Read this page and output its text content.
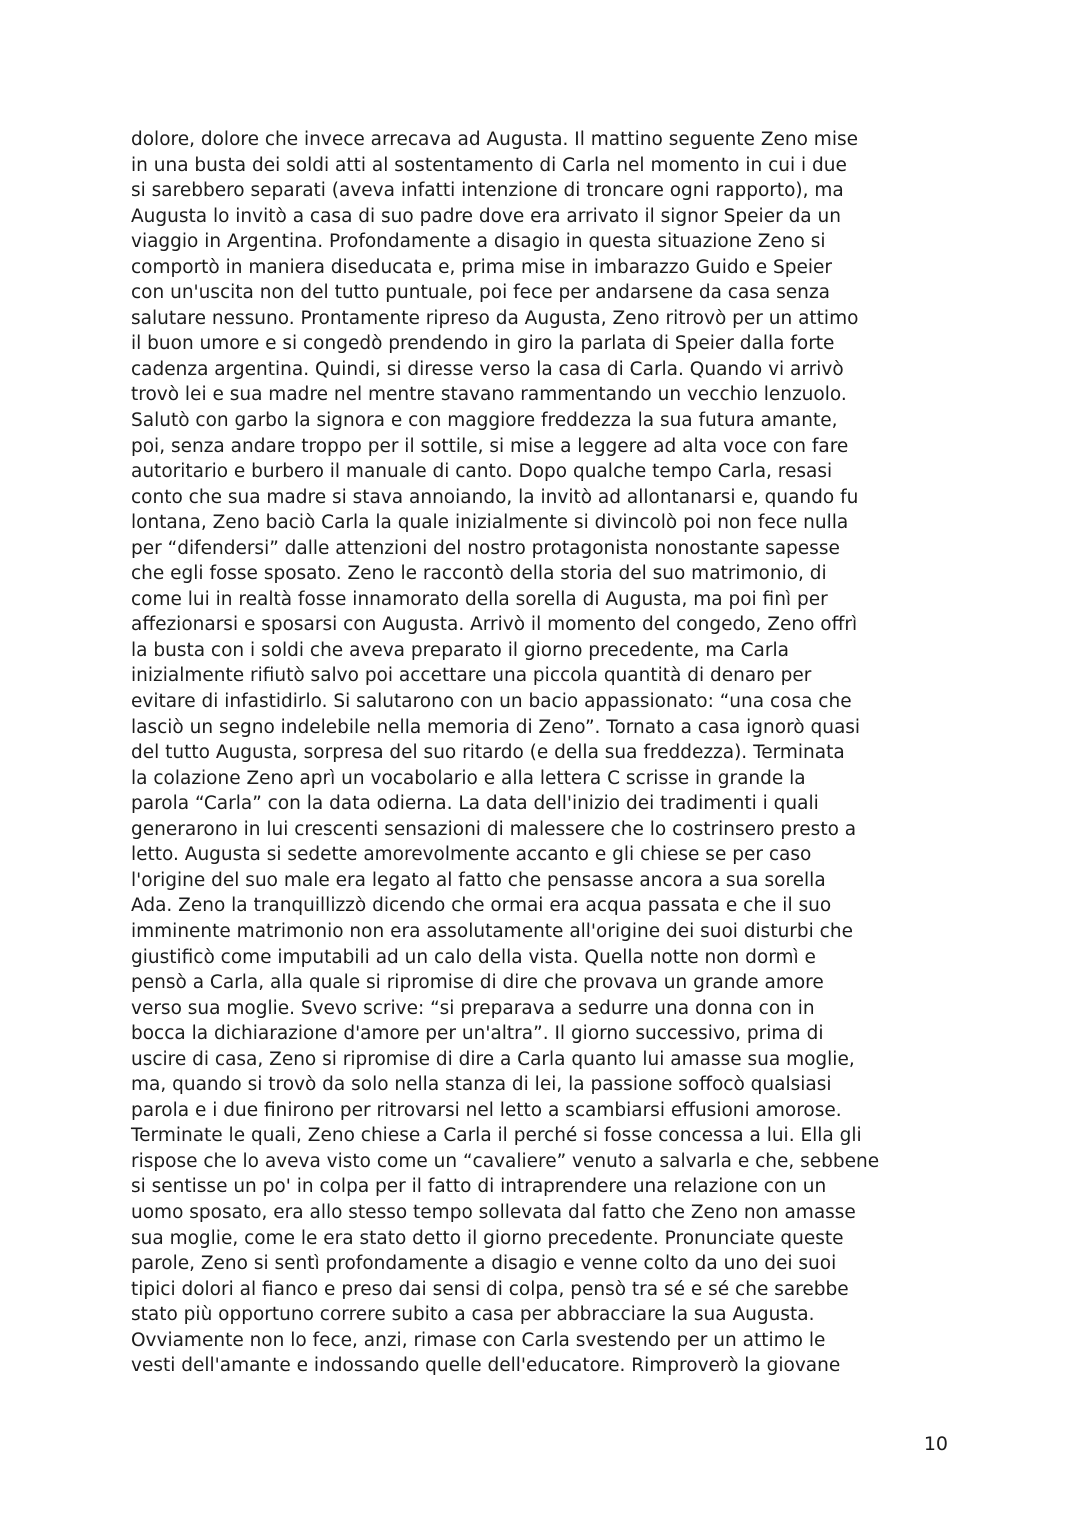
dolore, dolore che invece arrecava ad Augusta. Il mattino seguente Zeno mise
in una busta dei soldi atti al sostentamento di Carla nel momento in cui i due
si sarebbero separati (aveva infatti intenzione di troncare ogni rapporto), ma
Augusta lo invitò a casa di suo padre dove era arrivato il signor Speier da un
viaggio in Argentina. Profondamente a disagio in questa situazione Zeno si
comportò in maniera diseducata e, prima mise in imbarazzo Guido e Speier
con un'uscita non del tutto puntuale, poi fece per andarsene da casa senza
salutare nessuno. Prontamente ripreso da Augusta, Zeno ritrovò per un attimo
il buon umore e si congedò prendendo in giro la parlata di Speier dalla forte
cadenza argentina. Quindi, si diresse verso la casa di Carla. Quando vi arrivò
trovò lei e sua madre nel mentre stavano rammentando un vecchio lenzuolo.
Salutò con garbo la signora e con maggiore freddezza la sua futura amante,
poi, senza andare troppo per il sottile, si mise a leggere ad alta voce con fare
autoritario e burbero il manuale di canto. Dopo qualche tempo Carla, resasi
conto che sua madre si stava annoiando, la invitò ad allontanarsi e, quando fu
lontana, Zeno baciò Carla la quale inizialmente si divincolò poi non fece nulla
per “difendersi” dalle attenzioni del nostro protagonista nonostante sapesse
che egli fosse sposato. Zeno le raccontò della storia del suo matrimonio, di
come lui in realtà fosse innamorato della sorella di Augusta, ma poi finì per
affezionarsi e sposarsi con Augusta. Arrivò il momento del congedo, Zeno offrì
la busta con i soldi che aveva preparato il giorno precedente, ma Carla
inizialmente rifiutò salvo poi accettare una piccola quantità di denaro per
evitare di infastidirlo. Si salutarono con un bacio appassionato: “una cosa che
lasciò un segno indelebile nella memoria di Zeno”. Tornato a casa ignorò quasi
del tutto Augusta, sorpresa del suo ritardo (e della sua freddezza). Terminata
la colazione Zeno aprì un vocabolario e alla lettera C scrisse in grande la
parola “Carla” con la data odierna. La data dell'inizio dei tradimenti i quali
generarono in lui crescenti sensazioni di malessere che lo costrinsero presto a
letto. Augusta si sedette amorevolmente accanto e gli chiese se per caso
l'origine del suo male era legato al fatto che pensasse ancora a sua sorella
Ada. Zeno la tranquillizzò dicendo che ormai era acqua passata e che il suo
imminente matrimonio non era assolutamente all'origine dei suoi disturbi che
giustificò come imputabili ad un calo della vista. Quella notte non dormì e
pensò a Carla, alla quale si ripromise di dire che provava un grande amore
verso sua moglie. Svevo scrive: “si preparava a sedurre una donna con in
bocca la dichiarazione d'amore per un'altra”. Il giorno successivo, prima di
uscire di casa, Zeno si ripromise di dire a Carla quanto lui amasse sua moglie,
ma, quando si trovò da solo nella stanza di lei, la passione soffocò qualsiasi
parola e i due finirono per ritrovarsi nel letto a scambiarsi effusioni amorose.
Terminate le quali, Zeno chiese a Carla il perché si fosse concessa a lui. Ella gli
rispose che lo aveva visto come un “cavaliere” venuto a salvarla e che, sebbene
si sentisse un po' in colpa per il fatto di intraprendere una relazione con un
uomo sposato, era allo stesso tempo sollevata dal fatto che Zeno non amasse
sua moglie, come le era stato detto il giorno precedente. Pronunciate queste
parole, Zeno si sentì profondamente a disagio e venne colto da uno dei suoi
tipici dolori al fianco e preso dai sensi di colpa, pensò tra sé e sé che sarebbe
stato più opportuno correre subito a casa per abbracciare la sua Augusta.
Ovviamente non lo fece, anzi, rimase con Carla svestendo per un attimo le
vesti dell'amante e indossando quelle dell'educatore. Rimproverò la giovane

10
